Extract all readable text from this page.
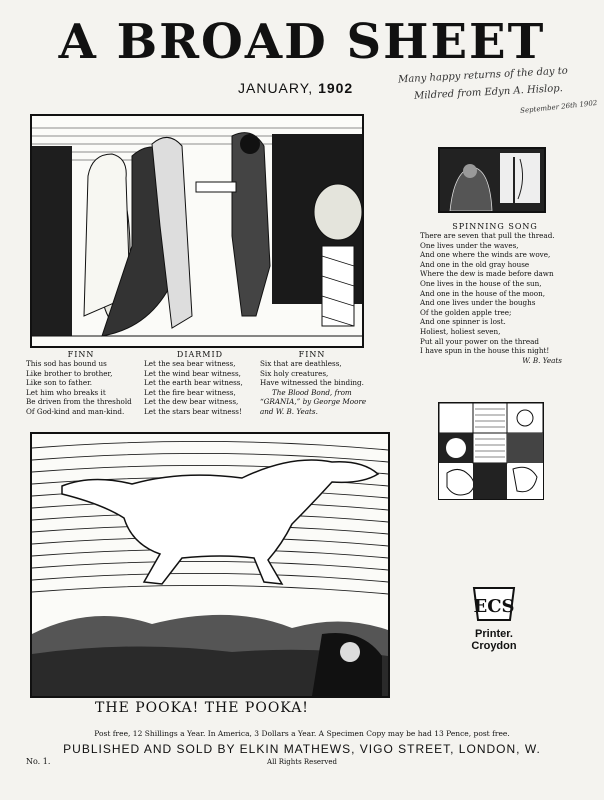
A BROAD SHEET
JANUARY, 1902
Many happy returns of the day to
Mildred from Edyn A. Hislop.
September 26th 1902
FINN
This sod has bound us
Like brother to brother,
Like son to father.
Let him who breaks it
Be driven from the threshold
Of God-kind and man-kind.
DIARMID
Let the sea bear witness,
Let the wind bear witness,
Let the earth bear witness,
Let the fire bear witness,
Let the dew bear witness,
Let the stars bear witness!
FINN
Six that are deathless,
Six holy creatures,
Have witnessed the binding.
The Blood Bond, from
“GRANIA,” by George Moore
and W. B. Yeats.
SPINNING SONG
There are seven that pull the thread.
One lives under the waves,
And one where the winds are wove,
And one in the old gray house
Where the dew is made before dawn
One lives in the house of the sun,
And one in the house of the moon,
And one lives under the boughs
Of the golden apple tree;
And one spinner is lost.
Holiest, holiest seven,
Put all your power on the thread
I have spun in the house this night!
W. B. Yeats
THE POOKA! THE POOKA!
ECS
Printer.
Croydon
Post free, 12 Shillings a Year. In America, 3 Dollars a Year. A Specimen Copy may be had 13 Pence, post free.
PUBLISHED AND SOLD BY ELKIN MATHEWS, VIGO STREET, LONDON, W.
All Rights Reserved
No. 1.
